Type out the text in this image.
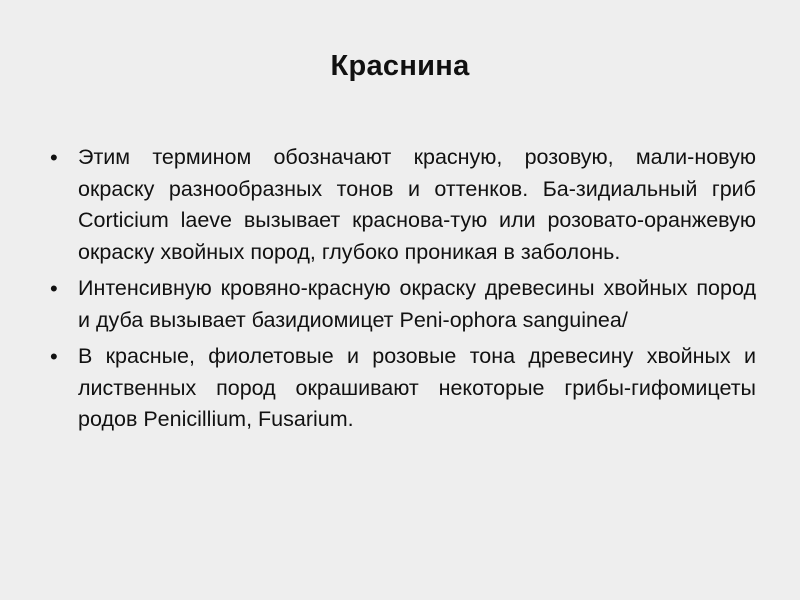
Краснина
• Этим термином обозначают красную, розовую, мали-новую окраску разнообразных тонов и оттенков. Ба-зидиальный гриб Corticium laeve вызывает краснова-тую или розовато-оранжевую окраску хвойных пород, глубоко проникая в заболонь.
• Интенсивную кровяно-красную окраску древесины хвойных пород и дуба вызывает базидиомицет Peni-ophora sanguinea/
• В красные, фиолетовые и розовые тона древесину хвойных и лиственных пород окрашивают некоторые грибы-гифомицеты родов Penicillium, Fusarium.
